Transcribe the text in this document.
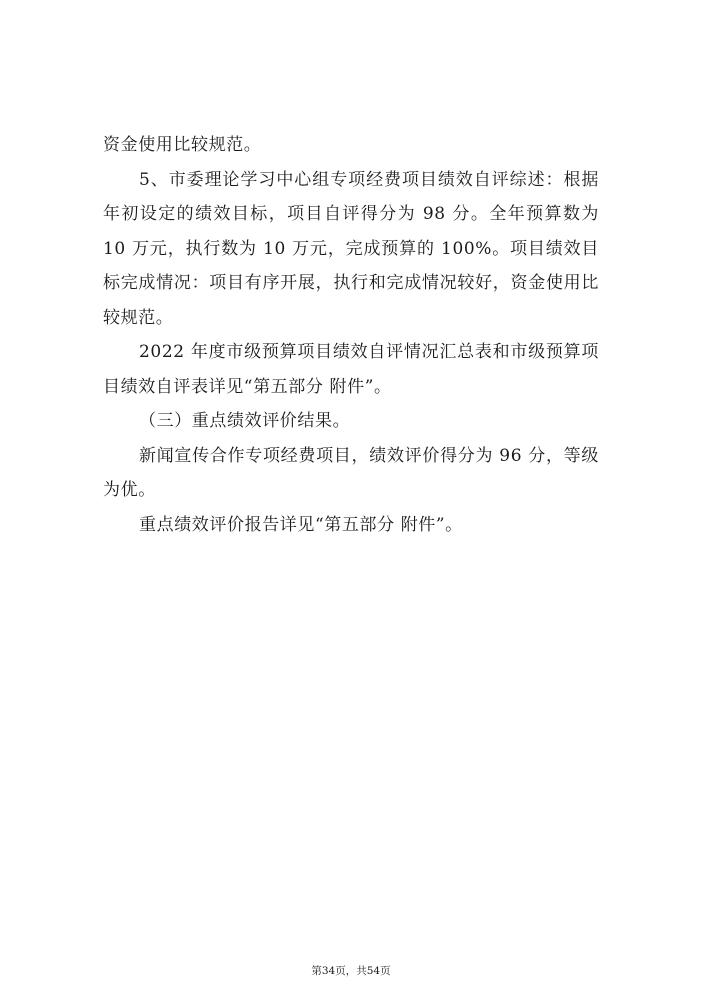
资金使用比较规范。

5、市委理论学习中心组专项经费项目绩效自评综述：根据年初设定的绩效目标，项目自评得分为 98 分。全年预算数为 10 万元，执行数为 10 万元，完成预算的 100%。项目绩效目标完成情况：项目有序开展，执行和完成情况较好，资金使用比较规范。

2022 年度市级预算项目绩效自评情况汇总表和市级预算项目绩效自评表详见“第五部分 附件”。

（三）重点绩效评价结果。

新闻宣传合作专项经费项目，绩效评价得分为 96 分，等级为优。

重点绩效评价报告详见“第五部分 附件”。

第34页，共54页
